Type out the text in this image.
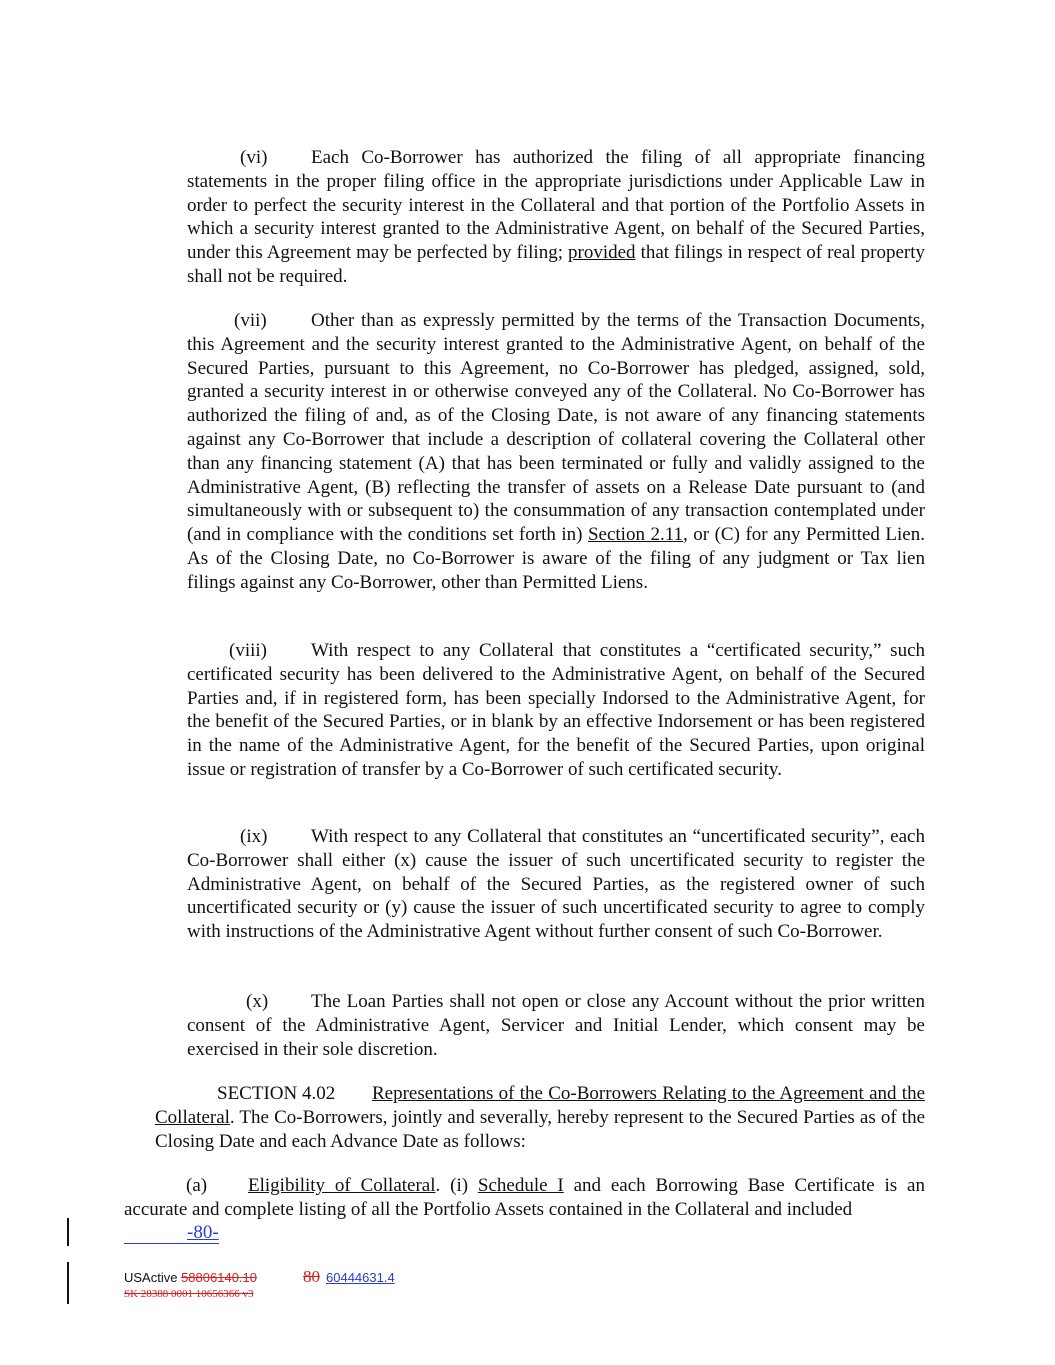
(vi) Each Co-Borrower has authorized the filing of all appropriate financing statements in the proper filing office in the appropriate jurisdictions under Applicable Law in order to perfect the security interest in the Collateral and that portion of the Portfolio Assets in which a security interest granted to the Administrative Agent, on behalf of the Secured Parties, under this Agreement may be perfected by filing; provided that filings in respect of real property shall not be required.
(vii) Other than as expressly permitted by the terms of the Transaction Documents, this Agreement and the security interest granted to the Administrative Agent, on behalf of the Secured Parties, pursuant to this Agreement, no Co-Borrower has pledged, assigned, sold, granted a security interest in or otherwise conveyed any of the Collateral. No Co-Borrower has authorized the filing of and, as of the Closing Date, is not aware of any financing statements against any Co-Borrower that include a description of collateral covering the Collateral other than any financing statement (A) that has been terminated or fully and validly assigned to the Administrative Agent, (B) reflecting the transfer of assets on a Release Date pursuant to (and simultaneously with or subsequent to) the consummation of any transaction contemplated under (and in compliance with the conditions set forth in) Section 2.11, or (C) for any Permitted Lien. As of the Closing Date, no Co-Borrower is aware of the filing of any judgment or Tax lien filings against any Co-Borrower, other than Permitted Liens.
(viii) With respect to any Collateral that constitutes a “certificated security,” such certificated security has been delivered to the Administrative Agent, on behalf of the Secured Parties and, if in registered form, has been specially Indorsed to the Administrative Agent, for the benefit of the Secured Parties, or in blank by an effective Indorsement or has been registered in the name of the Administrative Agent, for the benefit of the Secured Parties, upon original issue or registration of transfer by a Co-Borrower of such certificated security.
(ix) With respect to any Collateral that constitutes an “uncertificated security”, each Co-Borrower shall either (x) cause the issuer of such uncertificated security to register the Administrative Agent, on behalf of the Secured Parties, as the registered owner of such uncertificated security or (y) cause the issuer of such uncertificated security to agree to comply with instructions of the Administrative Agent without further consent of such Co-Borrower.
(x) The Loan Parties shall not open or close any Account without the prior written consent of the Administrative Agent, Servicer and Initial Lender, which consent may be exercised in their sole discretion.
SECTION 4.02 Representations of the Co-Borrowers Relating to the Agreement and the Collateral. The Co-Borrowers, jointly and severally, hereby represent to the Secured Parties as of the Closing Date and each Advance Date as follows:
(a) Eligibility of Collateral. (i) Schedule I and each Borrowing Base Certificate is an accurate and complete listing of all the Portfolio Assets contained in the Collateral and included
-80-
USActive 58806140.10	80 60444631.4
SK 28388 0001 10656366 v3
